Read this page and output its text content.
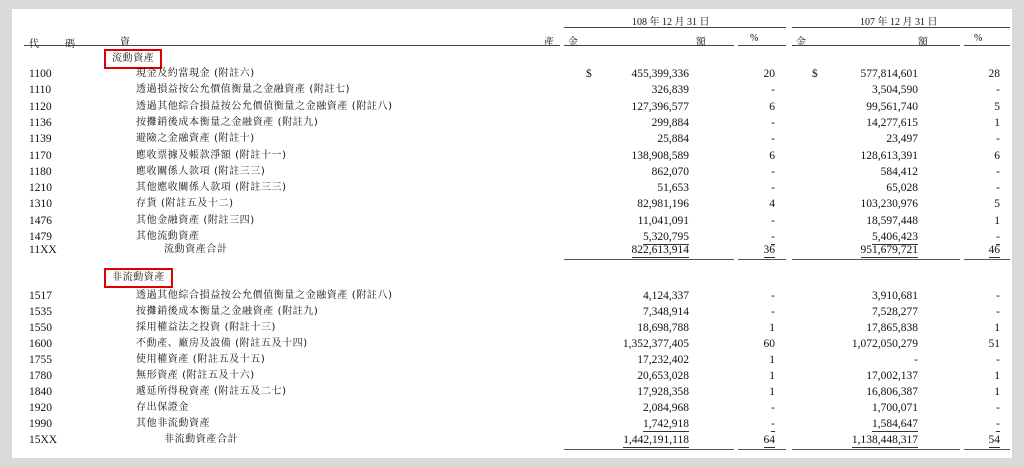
108 年 12 月 31 日	107 年 12 月 31 日
代　　碼	資	產 金	額	%	金	額	%
流動資產
1100	現金及約當現金 (附註六)	$	455,399,336	20	$	577,814,601	28
1110	透過損益按公允價值衡量之金融資產 (附註七)	326,839	-	3,504,590	-
1120	透過其他綜合損益按公允價值衡量之金融資產 (附註八)	127,396,577	6	99,561,740	5
1136	按攤銷後成本衡量之金融資產 (附註九)	299,884	-	14,277,615	1
1139	避險之金融資產 (附註十)	25,884	-	23,497	-
1170	應收票據及帳款淨額 (附註十一)	138,908,589	6	128,613,391	6
1180	應收關係人款項 (附註三三)	862,070	-	584,412	-
1210	其他應收關係人款項 (附註三三)	51,653	-	65,028	-
1310	存貨 (附註五及十二)	82,981,196	4	103,230,976	5
1476	其他金融資產 (附註三四)	11,041,091	-	18,597,448	1
1479	其他流動資產	5,320,795	-	5,406,423	-
11XX	流動資產合計	822,613,914	36	951,679,721	46
非流動資產
1517	透過其他綜合損益按公允價值衡量之金融資產 (附註八)	4,124,337	-	3,910,681	-
1535	按攤銷後成本衡量之金融資產 (附註九)	7,348,914	-	7,528,277	-
1550	採用權益法之投資 (附註十三)	18,698,788	1	17,865,838	1
1600	不動產、廠房及設備 (附註五及十四)	1,352,377,405	60	1,072,050,279	51
1755	使用權資產 (附註五及十五)	17,232,402	1	-	-
1780	無形資產 (附註五及十六)	20,653,028	1	17,002,137	1
1840	遞延所得稅資產 (附註五及二七)	17,928,358	1	16,806,387	1
1920	存出保證金	2,084,968	-	1,700,071	-
1990	其他非流動資產	1,742,918	-	1,584,647	-
15XX	非流動資產合計	1,442,191,118	64	1,138,448,317	54
